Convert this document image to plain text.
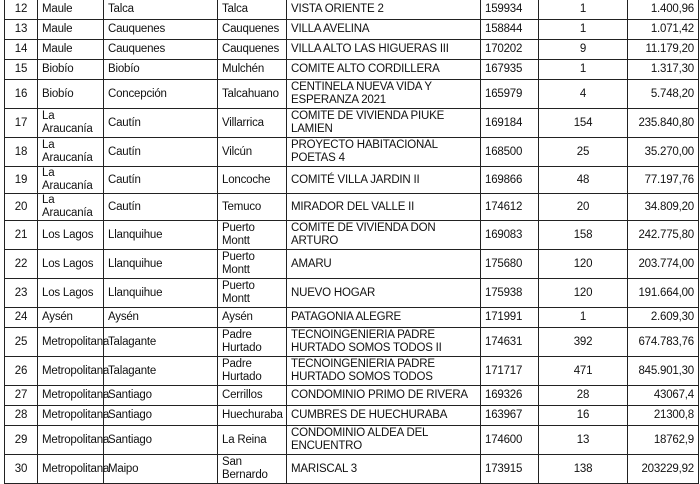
12	Maule	Talca	Talca	VISTA ORIENTE 2	159934	1	1.400,96
13	Maule	Cauquenes	Cauquenes	VILLA AVELINA	158844	1	1.071,42
14	Maule	Cauquenes	Cauquenes	VILLA ALTO LAS HIGUERAS III	170202	9	11.179,20
15	Biobío	Biobío	Mulchén	COMITE ALTO CORDILLERA	167935	1	1.317,30
16	Biobío	Concepción	Talcahuano	CENTINELA NUEVA VIDA Y ESPERANZA 2021	165979	4	5.748,20
17	La Araucanía	Cautín	Villarrica	COMITE DE VIVIENDA PIUKE LAMIEN	169184	154	235.840,80
18	La Araucanía	Cautín	Vilcún	PROYECTO HABITACIONAL POETAS 4	168500	25	35.270,00
19	La Araucanía	Cautín	Loncoche	COMITÉ VILLA JARDIN II	169866	48	77.197,76
20	La Araucanía	Cautín	Temuco	MIRADOR DEL VALLE II	174612	20	34.809,20
21	Los Lagos	Llanquihue	Puerto Montt	COMITE DE VIVIENDA DON ARTURO	169083	158	242.775,80
22	Los Lagos	Llanquihue	Puerto Montt	AMARU	175680	120	203.774,00
23	Los Lagos	Llanquihue	Puerto Montt	NUEVO HOGAR	175938	120	191.664,00
24	Aysén	Aysén	Aysén	PATAGONIA ALEGRE	171991	1	2.609,30
25	Metropolitana	Talagante	Padre Hurtado	TECNOINGENIERIA PADRE HURTADO SOMOS TODOS II	174631	392	674.783,76
26	Metropolitana	Talagante	Padre Hurtado	TECNOINGENIERIA PADRE HURTADO SOMOS TODOS	171717	471	845.901,30
27	Metropolitana	Santiago	Cerrillos	CONDOMINIO PRIMO DE RIVERA	169326	28	43067,4
28	Metropolitana	Santiago	Huechuraba	CUMBRES DE HUECHURABA	163967	16	21300,8
29	Metropolitana	Santiago	La Reina	CONDOMINIO ALDEA DEL ENCUENTRO	174600	13	18762,9
30	Metropolitana	Maipo	San Bernardo	MARISCAL 3	173915	138	203229,92
